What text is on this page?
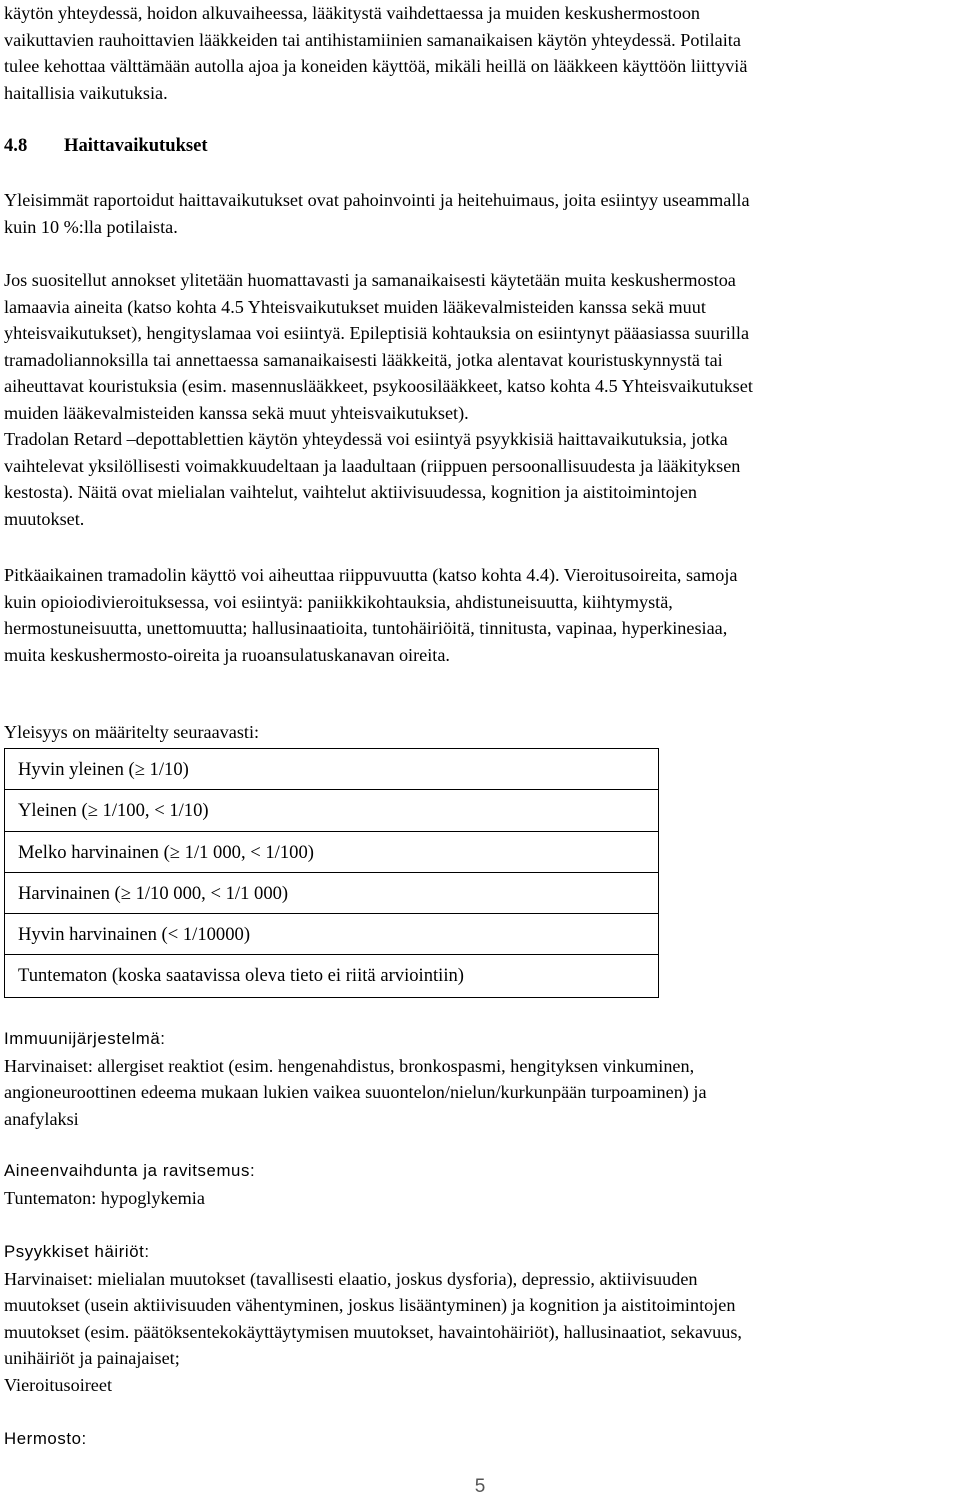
käytön yhteydessä, hoidon alkuvaiheessa, lääkitystä vaihdettaessa ja muiden keskushermostoon
vaikuttavien rauhoittavien lääkkeiden tai antihistamiinien samanaikaisen käytön yhteydessä. Potilaita
tulee kehottaa välttämään autolla ajoa ja koneiden käyttöä, mikäli heillä on lääkkeen käyttöön liittyviä
haitallisia vaikutuksia.
4.8 Haittavaikutukset
Yleisimmät raportoidut haittavaikutukset ovat pahoinvointi ja heitehuimaus, joita esiintyy useammalla
kuin 10 %:lla potilaista.
Jos suositellut annokset ylitetään huomattavasti ja samanaikaisesti käytetään muita keskushermostoa
lamaavia aineita (katso kohta 4.5 Yhteisvaikutukset muiden lääkevalmisteiden kanssa sekä muut
yhteisvaikutukset), hengityslamaa voi esiintyä. Epileptisiä kohtauksia on esiintynyt pääasiassa suurilla
tramadoliannoksilla tai annettaessa samanaikaisesti lääkkeitä, jotka alentavat kouristuskynnystä tai
aiheuttavat kouristuksia (esim. masennuslääkkeet, psykoosilääkkeet, katso kohta 4.5 Yhteisvaikutukset
muiden lääkevalmisteiden kanssa sekä muut yhteisvaikutukset).
Tradolan Retard –depottablettien käytön yhteydessä voi esiintyä psyykkisiä haittavaikutuksia, jotka
vaihtelevat yksilöllisesti voimakkuudeltaan ja laadultaan (riippuen persoonallisuudesta ja lääkityksen
kestosta). Näitä ovat mielialan vaihtelut, vaihtelut aktiivisuudessa, kognition ja aistitoimintojen
muutokset.
Pitkäaikainen tramadolin käyttö voi aiheuttaa riippuvuutta (katso kohta 4.4). Vieroitusoireita, samoja
kuin opioiodivieroituksessa, voi esiintyä: paniikkikohtauksia, ahdistuneisuutta, kiihtymystä,
hermostuneisuutta, unettomuutta; hallusinaatioita, tuntohäiriöitä, tinnitusta, vapinaa, hyperkinesiaa,
muita keskushermosto-oireita ja ruoansulatuskanavan oireita.
Yleisyys on määritelty seuraavasti:
Hyvin yleinen (≥ 1/10)
Yleinen (≥ 1/100, < 1/10)
Melko harvinainen (≥ 1/1 000, < 1/100)
Harvinainen (≥ 1/10 000, < 1/1 000)
Hyvin harvinainen (< 1/10000)
Tuntematon (koska saatavissa oleva tieto ei riitä arviointiin)
Immuunijärjestelmä:
Harvinaiset: allergiset reaktiot (esim. hengenahdistus, bronkospasmi, hengityksen vinkuminen,
angioneuroottinen edeema mukaan lukien vaikea suuontelon/nielun/kurkunpään turpoaminen) ja
anafylaksi
Aineenvaihdunta ja ravitsemus:
Tuntematon: hypoglykemia
Psyykkiset häiriöt:
Harvinaiset: mielialan muutokset (tavallisesti elaatio, joskus dysforia), depressio, aktiivisuuden
muutokset (usein aktiivisuuden vähentyminen, joskus lisääntyminen) ja kognition ja aistitoimintojen
muutokset (esim. päätöksentekokäyttäytymisen muutokset, havaintohäiriöt), hallusinaatiot, sekavuus,
unihäiriöt ja painajaiset;
Vieroitusoireet
Hermosto:
5
